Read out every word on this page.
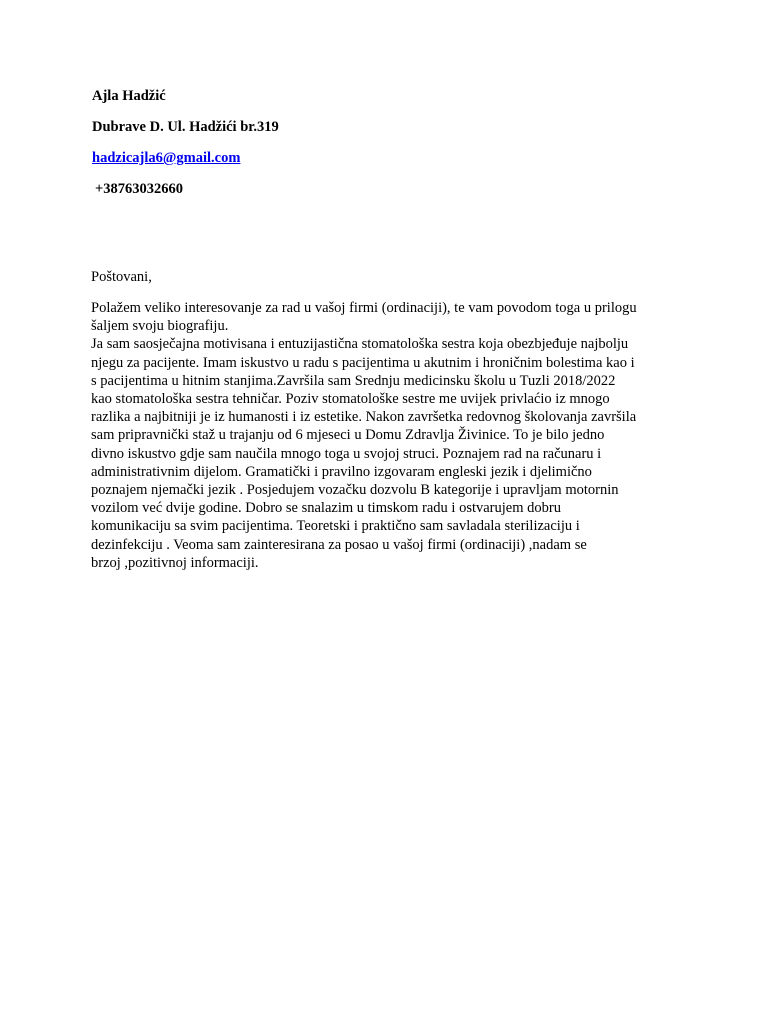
Ajla Hadžić
Dubrave D. Ul. Hadžići br.319
hadzicajla6@gmail.com
+38763032660
Poštovani,
Polažem veliko interesovanje za rad u vašoj firmi (ordinaciji), te vam povodom toga u prilogu
šaljem svoju biografiju.
Ja sam saosječajna motivisana i entuzijastična stomatološka sestra koja obezbjeđuje najbolju
njegu za pacijente. Imam iskustvo u radu s pacijentima u akutnim i hroničnim bolestima kao i
s pacijentima u hitnim stanjima.Završila sam Srednju medicinsku školu u Tuzli 2018/2022
kao stomatološka sestra tehničar. Poziv stomatološke sestre me uvijek privlaćio iz mnogo
razlika a najbitniji je iz humanosti i iz estetike. Nakon završetka redovnog školovanja završila
sam pripravnički staž u trajanju od 6 mjeseci u Domu Zdravlja Živinice. To je bilo jedno
divno iskustvo gdje sam naučila mnogo toga u svojoj struci. Poznajem rad na računaru i
administrativnim dijelom. Gramatički i pravilno izgovaram engleski jezik i djelimično
poznajem njemački jezik . Posjedujem vozačku dozvolu B kategorije i upravljam motornin
vozilom već dvije godine. Dobro se snalazim u timskom radu i ostvarujem dobru
komunikaciju sa svim pacijentima. Teoretski i praktično sam savladala sterilizaciju i
dezinfekciju . Veoma sam zainteresirana za posao u vašoj firmi (ordinaciji) ,nadam se
brzoj ,pozitivnoj informaciji.
